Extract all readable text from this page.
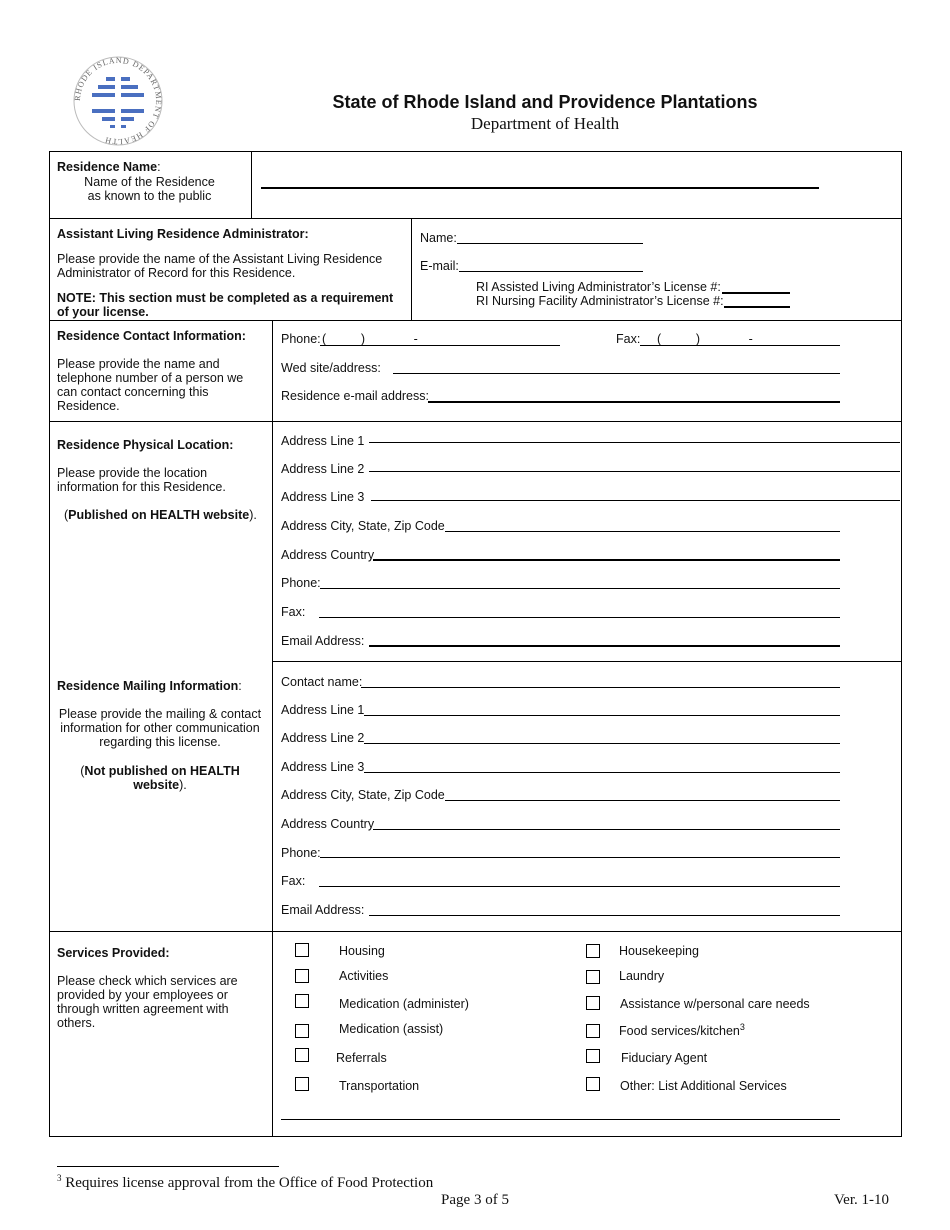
RHODE ISLAND DEPARTMENT OF HEALTH
State of Rhode Island and Providence Plantations
Department of Health
Residence Name:
Name of the Residence
as known to the public
Assistant Living Residence Administrator:
Please provide the name of the Assistant Living Residence
Administrator of Record for this Residence.
NOTE: This section must be completed as a requirement
of your license.
Name:
E-mail:
RI Assisted Living Administrator’s License #:
RI Nursing Facility Administrator’s License #:
Residence Contact Information:
Please provide the name and
telephone number of a person we
can contact concerning this
Residence.
Phone: (          )              -	Fax: (          )              -
Wed site/address:
Residence e-mail address:
Residence Physical Location:
Please provide the location
information for this Residence.
(Published on HEALTH website).
Address Line 1
Address Line 2
Address Line 3
Address City, State, Zip Code
Address Country
Phone:
Fax:
Email Address:
Residence Mailing Information:
Please provide the mailing & contact
information for other communication
regarding this license.
(Not published on HEALTH
website).
Contact name:
Address Line 1
Address Line 2
Address Line 3
Address City, State, Zip Code
Address Country
Phone:
Fax:
Email Address:
Services Provided:
Please check which services are
provided by your employees or
through written agreement with
others.
Housing
Activities
Medication (administer)
Medication (assist)
Referrals
Transportation
Housekeeping
Laundry
Assistance w/personal care needs
Food services/kitchen$^3$
Fiduciary Agent
Other: List Additional Services
$^3$ Requires license approval from the Office of Food Protection
Page 3 of 5	Ver. 1-10
